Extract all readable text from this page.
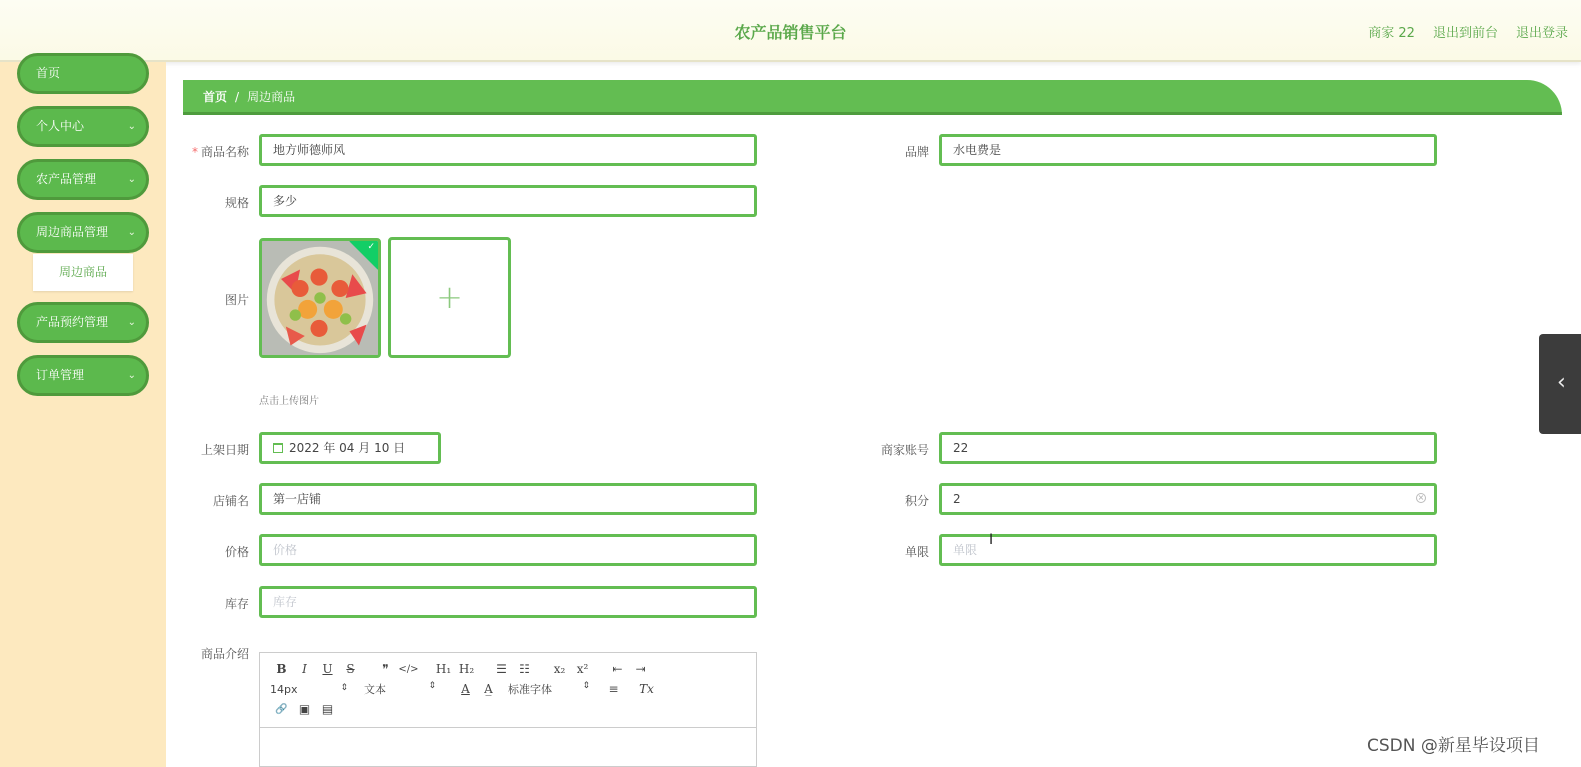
农产品销售平台	商家 22 退出到前台 退出登录
首页
个人中心	⌄
农产品管理	⌄
周边商品管理 ⌄
周边商品
产品预约管理 ⌄
订单管理	⌄
首页 / 周边商品
* 商品名称	地方师德师风	品牌	水电费是
规格	多少
图片
✓
+
点击上传图片
上架日期	2022 年 04 月 10 日	商家账号	22
店铺名	第一店铺	积分	2	×
价格	价格	单限	单限
I
库存	库存
商品介绍
B	I	U	S	❞ </>	H₁ H₂	☰	☷	x₂ x²	⇤	⇥
14px	⇕ 文本	⇕	A	A̲	标准字体	⇕	≡	Tx
🔗 ▣ ▤
‹
CSDN @新星毕设项目
